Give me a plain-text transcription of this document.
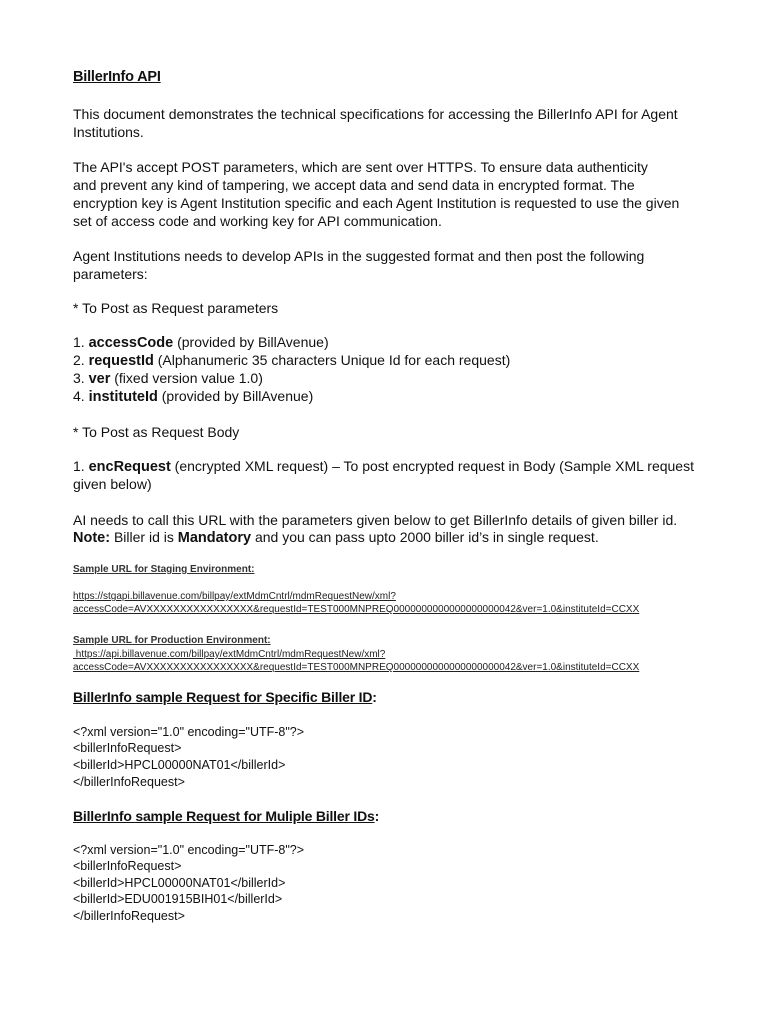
BillerInfo API
This document demonstrates the technical specifications for accessing the BillerInfo API for Agent Institutions.
The API's accept POST parameters, which are sent over HTTPS. To ensure data authenticity
and prevent any kind of tampering, we accept data and send data in encrypted format. The
encryption key is Agent Institution specific and each Agent Institution is requested to use the given
set of access code and working key for API communication.
Agent Institutions needs to develop APIs in the suggested format and then post the following
parameters:
* To Post as Request parameters
1. accessCode (provided by BillAvenue)
2. requestId (Alphanumeric 35 characters Unique Id for each request)
3. ver (fixed version value 1.0)
4. instituteId (provided by BillAvenue)
* To Post as Request Body
1. encRequest (encrypted XML request) – To post encrypted request in Body (Sample XML request
given below)
AI needs to call this URL with the parameters given below to get BillerInfo details of given biller id.
Note: Biller id is Mandatory and you can pass upto 2000 biller id’s in single request.
Sample URL for Staging Environment:
https://stgapi.billavenue.com/billpay/extMdmCntrl/mdmRequestNew/xml?
accessCode=AVXXXXXXXXXXXXXXXX&requestId=TEST000MNPREQ0000000000000000000042&ver=1.0&instituteId=CCXX
Sample URL for Production Environment:
https://api.billavenue.com/billpay/extMdmCntrl/mdmRequestNew/xml?
accessCode=AVXXXXXXXXXXXXXXXX&requestId=TEST000MNPREQ0000000000000000000042&ver=1.0&instituteId=CCXX
BillerInfo sample Request for Specific Biller ID:
<?xml version="1.0" encoding="UTF-8"?>
<billerInfoRequest>
<billerId>HPCL00000NAT01</billerId>
</billerInfoRequest>
BillerInfo sample Request for Muliple Biller IDs:
<?xml version="1.0" encoding="UTF-8"?>
<billerInfoRequest>
<billerId>HPCL00000NAT01</billerId>
<billerId>EDU001915BIH01</billerId>
</billerInfoRequest>
